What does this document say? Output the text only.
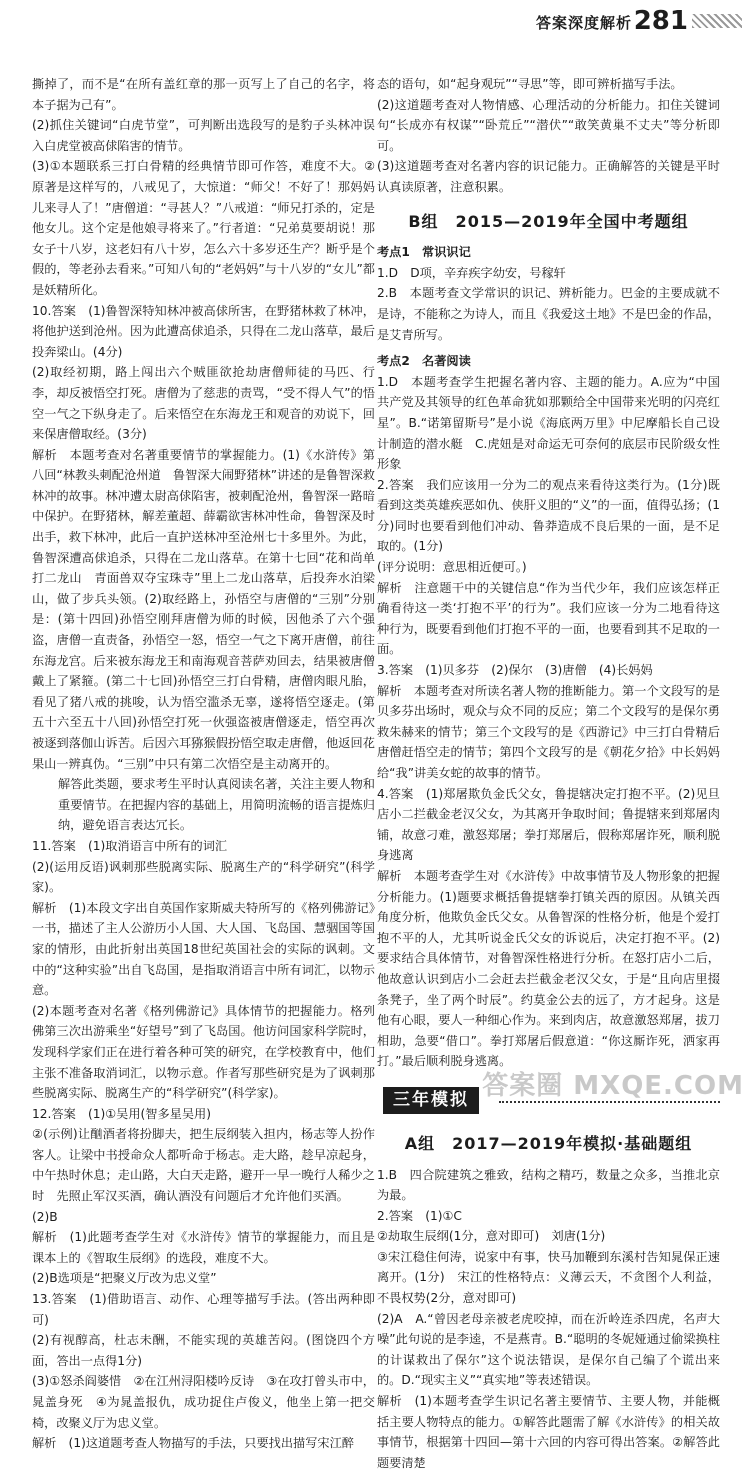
答案深度解析 281

撕掉了，而不是“在所有盖红章的那一页写上了自己的名字，将本子据为己有”。

(2)抓住关键词“白虎节堂”，可判断出选段写的是豹子头林冲误入白虎堂被高俅陷害的情节。

(3)①本题联系三打白骨精的经典情节即可作答，难度不大。②原著是这样写的，八戒见了，大惊道：“师父！不好了！那妈妈儿来寻人了！”唐僧道：“寻甚人？”八戒道：“师兄打杀的，定是他女儿。这个定是他娘寻将来了。”行者道：“兄弟莫要胡说！那女子十八岁，这老妇有八十岁，怎么六十多岁还生产？断乎是个假的，等老孙去看来。”可知八旬的“老妈妈”与十八岁的“女儿”都是妖精所化。

10.答案　(1)鲁智深特知林冲被高俅所害，在野猪林救了林冲，将他护送到沧州。因为此遭高俅追杀，只得在二龙山落草，最后投奔梁山。(4分)

(2)取经初期，路上闯出六个贼匪欲抢劫唐僧师徒的马匹、行李，却反被悟空打死。唐僧为了慈悲的责骂，“受不得人气”的悟空一气之下纵身走了。后来悟空在东海龙王和观音的劝说下，回来保唐僧取经。(3分)

解析　本题考查对名著重要情节的掌握能力。(1)《水浒传》第八回“林教头刺配沧州道　鲁智深大闹野猪林”讲述的是鲁智深救林冲的故事。林冲遭太尉高俅陷害，被刺配沧州，鲁智深一路暗中保护。在野猪林，解差董超、薛霸欲害林冲性命，鲁智深及时出手，救下林冲，此后一直护送林冲至沧州七十多里外。为此，鲁智深遭高俅追杀，只得在二龙山落草。在第十七回“花和尚单打二龙山　青面兽双夺宝珠寺”里上二龙山落草，后投奔水泊梁山，做了步兵头领。(2)取经路上，孙悟空与唐僧的“三别”分别是：(第十四回)孙悟空刚拜唐僧为师的时候，因他杀了六个强盗，唐僧一直责备，孙悟空一怒，悟空一气之下离开唐僧，前往东海龙宫。后来被东海龙王和南海观音菩萨劝回去，结果被唐僧戴上了紧箍。(第二十七回)孙悟空三打白骨精，唐僧肉眼凡胎，看见了猪八戒的挑唆，认为悟空滥杀无辜，遂将悟空逐走。(第五十六至五十八回)孙悟空打死一伙强盗被唐僧逐走，悟空再次被逐到落伽山诉苦。后因六耳猕猴假扮悟空取走唐僧，他返回花果山一辨真伪。“三别”中只有第二次悟空是主动离开的。

解答此类题，要求考生平时认真阅读名著，关注主要人物和重要情节。在把握内容的基础上，用简明流畅的语言提炼归纳，避免语言表达冗长。

11.答案　(1)取消语言中所有的词汇

(2)(运用反语)讽刺那些脱离实际、脱离生产的“科学研究”(科学家)。

解析　(1)本段文字出自英国作家斯威夫特所写的《格列佛游记》一书，描述了主人公游历小人国、大人国、飞岛国、慧骃国等国家的情形，由此折射出英国18世纪英国社会的实际的讽刺。文中的“这种实验”出自飞岛国，是指取消语言中所有词汇，以物示意。

(2)本题考查对名著《格列佛游记》具体情节的把握能力。格列佛第三次出游乘坐“好望号”到了飞岛国。他访问国家科学院时，发现科学家们正在进行着各种可笑的研究，在学校教育中，他们主张不准备取消词汇，以物示意。作者写那些研究是为了讽刺那些脱离实际、脱离生产的“科学研究”(科学家)。

12.答案　(1)①吴用(智多星吴用)

②(示例)让酗酒者将扮脚夫，把生辰纲装入担内，杨志等人扮作客人。让梁中书授命众人都听命于杨志。走大路，趁早凉起身，中午热时休息；走山路，大白天走路，避开一早一晚行人稀少之时　先照止军汉买酒，确认酒没有问题后才允许他们买酒。

(2)B

解析　(1)此题考查学生对《水浒传》情节的掌握能力，而且是课本上的《智取生辰纲》的选段，难度不大。

(2)B选项是“把聚义厅改为忠义堂”

13.答案　(1)借助语言、动作、心理等描写手法。(答出两种即可)

(2)有视醇高，杜志未酬，不能实现的英雄苦闷。(图饶四个方面，答出一点得1分)

(3)①怒杀阎婆惜　②在江州浔阳楼吟反诗　③在攻打曾头市中，晁盖身死　④为晁盖报仇，成功捉住卢俊义，他坐上第一把交椅，改聚义厅为忠义堂。

解析　(1)这道题考查人物描写的手法，只要找出描写宋江醉

态的语句，如“起身观玩”“寻思”等，即可辨析描写手法。

(2)这道题考查对人物情感、心理活动的分析能力。扣住关键词句“长成亦有权谋”“卧荒丘”“潜伏”“敢笑黄巢不丈夫”等分析即可。

(3)这道题考查对名著内容的识记能力。正确解答的关键是平时认真读原著，注意积累。

B组　2015—2019年全国中考题组
考点1　常识识记

1.D　D项，辛弃疾字幼安，号稼轩

2.B　本题考查文学常识的识记、辨析能力。巴金的主要成就不是诗，不能称之为诗人，而且《我爱这土地》不是巴金的作品，是艾青所写。

考点2　名著阅读

1.D　本题考查学生把握名著内容、主题的能力。A.应为“中国共产党及其领导的红色革命犹如那颗给全中国带来光明的闪亮红星”。B.“诺第留斯号”是小说《海底两万里》中尼摩船长自己设计制造的潜水艇　C.虎妞是对命运无可奈何的底层市民阶级女性形象

2.答案　我们应该用一分为二的观点来看待这类行为。(1分)既看到这类英雄疾恶如仇、侠肝义胆的“义”的一面，值得弘扬；(1分)同时也要看到他们冲动、鲁莽造成不良后果的一面，是不足取的。(1分)

(评分说明：意思相近便可。)

解析　注意题干中的关键信息“作为当代少年，我们应该怎样正确看待这一类‘打抱不平’的行为”。我们应该一分为二地看待这种行为，既要看到他们打抱不平的一面，也要看到其不足取的一面。

3.答案　(1)贝多芬　(2)保尔　(3)唐僧　(4)长妈妈

解析　本题考查对所读名著人物的推断能力。第一个文段写的是贝多芬出场时，观众与众不同的反应；第二个文段写的是保尔勇救朱赫来的情节；第三个文段写的是《西游记》中三打白骨精后唐僧赶悟空走的情节；第四个文段写的是《朝花夕拾》中长妈妈给“我”讲美女蛇的故事的情节。

4.答案　(1)郑屠欺负金氏父女，鲁提辖决定打抱不平。(2)见旦店小二拦截金老汉父女，为其离开争取时间；鲁提辖来到郑屠肉铺，故意刁难，激怒郑屠；拳打郑屠后，假称郑屠诈死，顺利脱身逃离

解析　本题考查学生对《水浒传》中故事情节及人物形象的把握分析能力。(1)题要求概括鲁提辖拳打镇关西的原因。从镇关西角度分析，他欺负金氏父女。从鲁智深的性格分析，他是个爱打抱不平的人，尤其听说金氏父女的诉说后，决定打抱不平。(2)要求结合具体情节，对鲁智深性格进行分析。在怒打店小二后，他故意认识到店小二会赶去拦截金老汉父女，于是“且向店里掇条凳子，坐了两个时辰”。约莫金公去的远了，方才起身。这是他有心眼，要人一种细心作为。来到肉店，故意激怒郑屠，拔刀相助，急要“借口”。拳打郑屠后假意道：“你这厮诈死，洒家再打。”最后顺利脱身逃离。

三年模拟
A组　2017—2019年模拟·基础题组

1.B　四合院建筑之雅致，结构之精巧，数量之众多，当推北京为最。

2.答案　(1)①C

②劫取生辰纲(1分，意对即可)　刘唐(1分)

③宋江稳住何涛，说家中有事，快马加鞭到东溪村告知晁保正速离开。(1分)　宋江的性格特点：义薄云天，不贪图个人利益，不畏权势(2分，意对即可)

(2)A　A.“曾因老母亲被老虎咬掉，而在沂岭连杀四虎，名声大噪”此句说的是李逵，不是燕青。B.“聪明的冬妮娅通过偷梁换柱的计谋救出了保尔”这个说法错误，是保尔自己编了个谎出来的。D.“现实主义”“真实地”等表述错误。

解析　(1)本题考查学生识记名著主要情节、主要人物，并能概括主要人物特点的能力。①解答此题需了解《水浒传》的相关故事情节，根据第十四回—第十六回的内容可得出答案。②解答此题要清楚

答案圈 MXQE.COM
